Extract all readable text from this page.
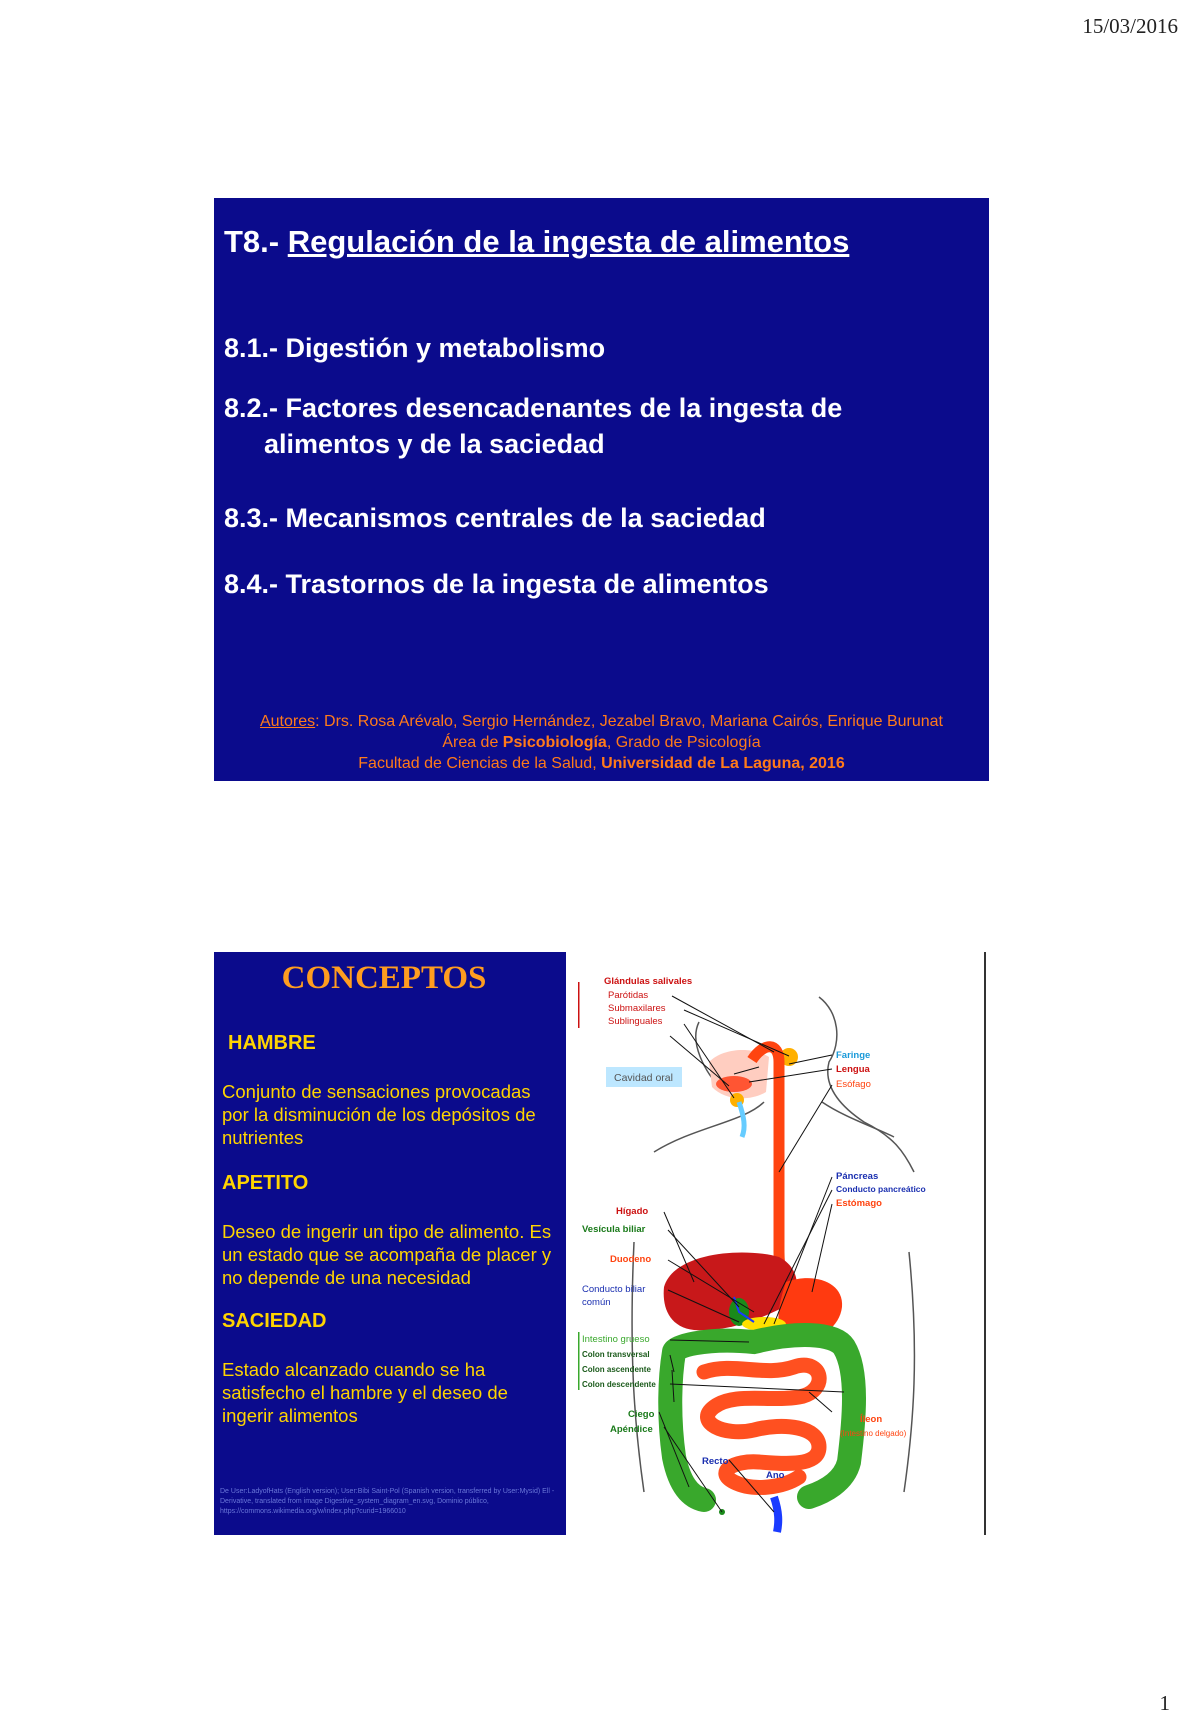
15/03/2016
T8.- Regulación de la ingesta de alimentos
8.1.- Digestión y metabolismo
8.2.- Factores desencadenantes de la ingesta de
alimentos y de la saciedad
8.3.- Mecanismos centrales de la saciedad
8.4.- Trastornos de la ingesta de alimentos
Autores: Drs. Rosa Arévalo, Sergio Hernández, Jezabel Bravo, Mariana Cairós, Enrique Burunat
Área de Psicobiología, Grado de Psicología
Facultad de Ciencias de la Salud, Universidad de La Laguna, 2016
CONCEPTOS
HAMBRE
Conjunto de sensaciones provocadas por la disminución de los depósitos de nutrientes
APETITO
Deseo de ingerir un tipo de alimento. Es un estado que se acompaña de placer y no depende de una necesidad
SACIEDAD
Estado alcanzado cuando se ha satisfecho el hambre y el deseo de ingerir alimentos
De User:LadyofHats (English version); User:Bibi Saint-Pol (Spanish version, transferred by User:Mysid) Ell - Derivative, translated from image Digestive_system_diagram_en.svg, Dominio público, https://commons.wikimedia.org/w/index.php?curid=1966010
Glándulas salivales
Parótidas
Submaxilares
Sublinguales
Cavidad oral
Faringe
Lengua
Esófago
Páncreas
Conducto pancreático
Estómago
Hígado
Vesícula biliar
Duodeno
Conducto biliar
común
Intestino grueso
Colon transversal
Colon ascendente
Colon descendente
Íleon
(Intestino delgado)
Ciego
Apéndice
Recto
Ano
1
